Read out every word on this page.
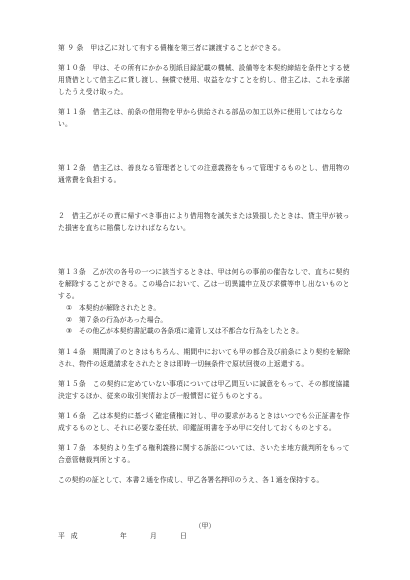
第 ９ 条　 甲は乙に対して有する債権を第三者に譲渡することができる。

第１０条　 甲は、その所有にかかる別紙目録記載の機械、設備等を本契約締結を条件とする使用貸借として借主乙に貸し渡し、無償で使用、収益をなすことを約し、借主乙は、これを承諾したうえ受け取った。

第１１条　 借主乙は、前条の借用物を甲から供給される部品の加工以外に使用してはならない。

第１２条　 借主乙は、善良なる管理者としての注意義務をもって管理するものとし、借用物の通常費を負担する。

２　借主乙がその責に帰すべき事由により借用物を滅失または毀損したときは、貸主甲が被った損害を直ちに賠償しなければならない。

第１３条　 乙が次の各号の一つに該当するときは、甲は何らの事前の催告なしで、直ちに契約を解除することができる。この場合において、乙は一切異議申立及び求償等申し出ないものとする。

①　本契約が解除されたとき。
②　第７条の行為があった場合。
③　その他乙が本契約書記載の各条項に違背し又は不都合な行為をしたとき。

第１４条　 期間満了のときはもちろん、期間中においても甲の都合及び前条により契約を解除され、物件の返還請求をされたときは即時一切無条件で原状回復の上返還する。

第１５条　 この契約に定めていない事項については甲乙間互いに誠意をもって、その都度協議決定するほか、従来の取引実情および一般慣習に従うものとする。

第１６条　 乙は本契約に基づく確定債権に対し、甲の要求があるときはいつでも公正証書を作成するものとし、それに必要な委任状、印鑑証明書を予め甲に交付しておくものとする。

第１７条　 本契約より生ずる権利義務に関する訴訟については、さいたま地方裁判所をもって合意管轄裁判所とする。

この契約の証として、本書２通を作成し、甲乙各署名押印のうえ、各１通を保持する。

平成	年	月	日
（甲）
